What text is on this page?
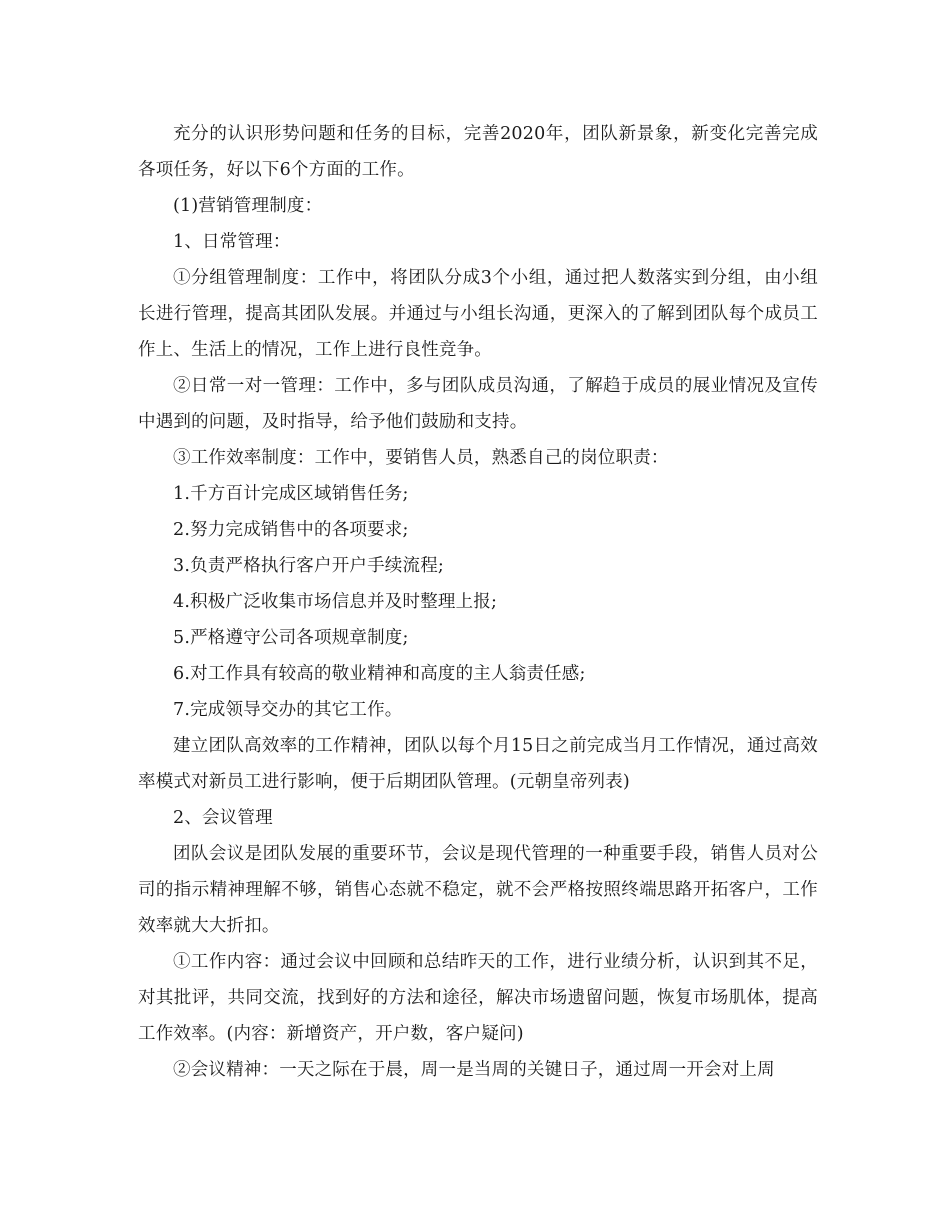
充分的认识形势问题和任务的目标，完善2020年，团队新景象，新变化完善完成各项任务，好以下6个方面的工作。

(1)营销管理制度：

1、日常管理：

①分组管理制度：工作中，将团队分成3个小组，通过把人数落实到分组，由小组长进行管理，提高其团队发展。并通过与小组长沟通，更深入的了解到团队每个成员工作上、生活上的情况，工作上进行良性竞争。

②日常一对一管理：工作中，多与团队成员沟通，了解趋于成员的展业情况及宣传中遇到的问题，及时指导，给予他们鼓励和支持。

③工作效率制度：工作中，要销售人员，熟悉自己的岗位职责：

1.千方百计完成区域销售任务;

2.努力完成销售中的各项要求;

3.负责严格执行客户开户手续流程;

4.积极广泛收集市场信息并及时整理上报;

5.严格遵守公司各项规章制度;

6.对工作具有较高的敬业精神和高度的主人翁责任感;

7.完成领导交办的其它工作。

建立团队高效率的工作精神，团队以每个月15日之前完成当月工作情况，通过高效率模式对新员工进行影响，便于后期团队管理。(元朝皇帝列表)

2、会议管理

团队会议是团队发展的重要环节，会议是现代管理的一种重要手段，销售人员对公司的指示精神理解不够，销售心态就不稳定，就不会严格按照终端思路开拓客户，工作效率就大大折扣。

①工作内容：通过会议中回顾和总结昨天的工作，进行业绩分析，认识到其不足，对其批评，共同交流，找到好的方法和途径，解决市场遗留问题，恢复市场肌体，提高工作效率。(内容：新增资产，开户数，客户疑问)

②会议精神：一天之际在于晨，周一是当周的关键日子，通过周一开会对上周
